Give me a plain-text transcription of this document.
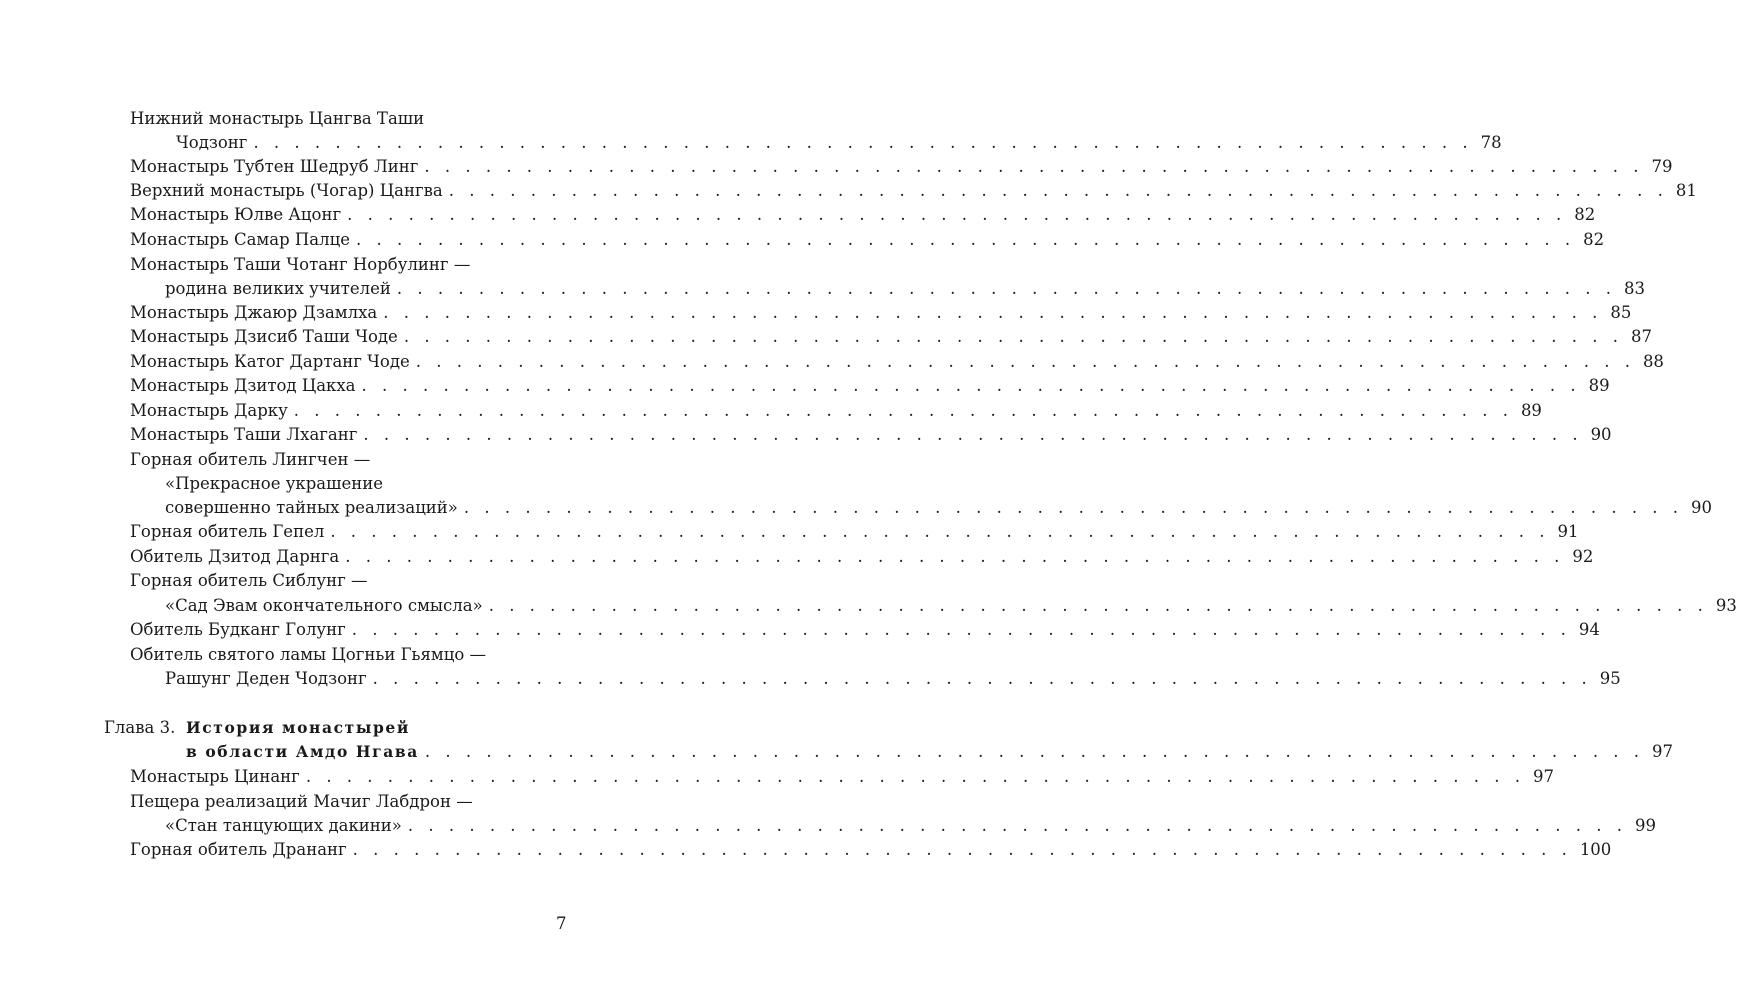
Нижний монастырь Цангва Таши
Чодзонг . . . . . . . . . . . . . . . . . . . . . . . . . . . . . . . . . . . . . . . . . . . . . . . . . . . . . . . . . . . . 78
Монастырь Тубтен Шедруб Линг . . . . . . . . . . . . . . . . . . . . . . . . . . . . . . . . . . . . . . . . . . . . . . . . . . . . . . . . . . . . 79
Верхний монастырь (Чогар) Цангва . . . . . . . . . . . . . . . . . . . . . . . . . . . . . . . . . . . . . . . . . . . . . . . . . . . . . . . . . . . . 81
Монастырь Юлве Ацонг . . . . . . . . . . . . . . . . . . . . . . . . . . . . . . . . . . . . . . . . . . . . . . . . . . . . . . . . . . . . 82
Монастырь Самар Палце . . . . . . . . . . . . . . . . . . . . . . . . . . . . . . . . . . . . . . . . . . . . . . . . . . . . . . . . . . . . 82
Монастырь Таши Чотанг Норбулинг —
родина великих учителей . . . . . . . . . . . . . . . . . . . . . . . . . . . . . . . . . . . . . . . . . . . . . . . . . . . . . . . . . . . . 83
Монастырь Джаюр Дзамлха . . . . . . . . . . . . . . . . . . . . . . . . . . . . . . . . . . . . . . . . . . . . . . . . . . . . . . . . . . . . 85
Монастырь Дзисиб Таши Чоде . . . . . . . . . . . . . . . . . . . . . . . . . . . . . . . . . . . . . . . . . . . . . . . . . . . . . . . . . . . . 87
Монастырь Катог Дартанг Чоде . . . . . . . . . . . . . . . . . . . . . . . . . . . . . . . . . . . . . . . . . . . . . . . . . . . . . . . . . . . . 88
Монастырь Дзитод Цакха . . . . . . . . . . . . . . . . . . . . . . . . . . . . . . . . . . . . . . . . . . . . . . . . . . . . . . . . . . . . 89
Монастырь Дарку . . . . . . . . . . . . . . . . . . . . . . . . . . . . . . . . . . . . . . . . . . . . . . . . . . . . . . . . . . . . 89
Монастырь Таши Лхаганг . . . . . . . . . . . . . . . . . . . . . . . . . . . . . . . . . . . . . . . . . . . . . . . . . . . . . . . . . . . . 90
Горная обитель Лингчен —
«Прекрасное украшение
совершенно тайных реализаций» . . . . . . . . . . . . . . . . . . . . . . . . . . . . . . . . . . . . . . . . . . . . . . . . . . . . . . . . . . . . 90
Горная обитель Гепел . . . . . . . . . . . . . . . . . . . . . . . . . . . . . . . . . . . . . . . . . . . . . . . . . . . . . . . . . . . . 91
Обитель Дзитод Дарнга . . . . . . . . . . . . . . . . . . . . . . . . . . . . . . . . . . . . . . . . . . . . . . . . . . . . . . . . . . . . 92
Горная обитель Сиблунг —
«Сад Эвам окончательного смысла» . . . . . . . . . . . . . . . . . . . . . . . . . . . . . . . . . . . . . . . . . . . . . . . . . . . . . . . . . . . . 93
Обитель Будканг Голунг . . . . . . . . . . . . . . . . . . . . . . . . . . . . . . . . . . . . . . . . . . . . . . . . . . . . . . . . . . . . 94
Обитель святого ламы Цогньи Гьямцо —
Рашунг Деден Чодзонг . . . . . . . . . . . . . . . . . . . . . . . . . . . . . . . . . . . . . . . . . . . . . . . . . . . . . . . . . . . . 95
Глава 3. История монастырей
в области Амдо Нгава . . . . . . . . . . . . . . . . . . . . . . . . . . . . . . . . . . . . . . . . . . . . . . . . . . . . . . . . . . . . 97
Монастырь Цинанг . . . . . . . . . . . . . . . . . . . . . . . . . . . . . . . . . . . . . . . . . . . . . . . . . . . . . . . . . . . . 97
Пещера реализаций Мачиг Лабдрон —
«Стан танцующих дакини» . . . . . . . . . . . . . . . . . . . . . . . . . . . . . . . . . . . . . . . . . . . . . . . . . . . . . . . . . . . . 99
Горная обитель Дрананг . . . . . . . . . . . . . . . . . . . . . . . . . . . . . . . . . . . . . . . . . . . . . . . . . . . . . . . . . . . . 100
7
